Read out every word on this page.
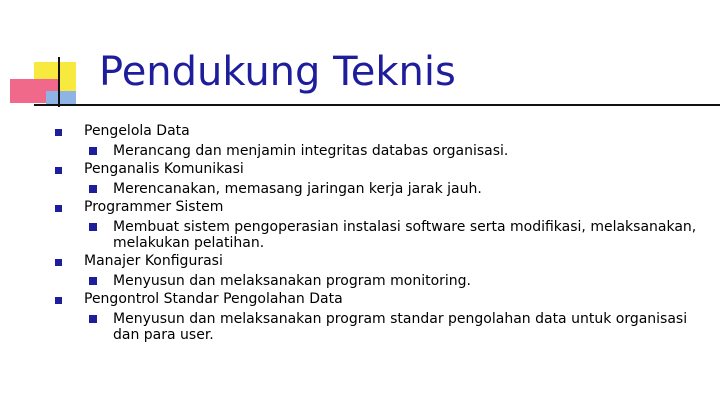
Pendukung Teknis
Pengelola Data
Merancang dan menjamin integritas databas organisasi.
Penganalis Komunikasi
Merencanakan, memasang jaringan kerja jarak jauh.
Programmer Sistem
Membuat sistem pengoperasian instalasi software serta modifikasi, melaksanakan, melakukan pelatihan.
Manajer Konfigurasi
Menyusun dan melaksanakan program monitoring.
Pengontrol Standar Pengolahan Data
Menyusun dan melaksanakan program standar pengolahan data untuk organisasi dan para user.
